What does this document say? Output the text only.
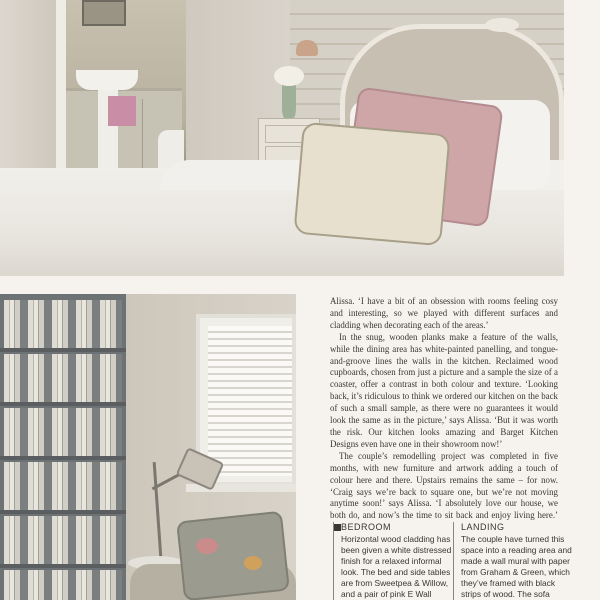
Alissa. ‘I have a bit of an obsession with rooms feeling cosy and interesting, so we played with different surfaces and cladding when decorating each of the areas.’

In the snug, wooden planks make a feature of the walls, while the dining area has white-painted panelling, and tongue-and-groove lines the walls in the kitchen. Reclaimed wood cupboards, chosen from just a picture and a sample the size of a coaster, offer a contrast in both colour and texture. ‘Looking back, it’s ridiculous to think we ordered our kitchen on the back of such a small sample, as there were no guarantees it would look the same as in the picture,’ says Alissa. ‘But it was worth the risk. Our kitchen looks amazing and Barget Kitchen Designs even have one in their showroom now!’

The couple’s remodelling project was completed in five months, with new furniture and artwork adding a touch of colour here and there. Upstairs remains the same – for now. ‘Craig says we’re back to square one, but we’re not moving anytime soon!’ says Alissa. ‘I absolutely love our house, we both do, and now’s the time to sit back and enjoy living here.’

BEDROOM

Horizontal wood cladding has been given a white distressed finish for a relaxed informal look. The bed and side tables are from Sweetpea & Willow, and a pair of pink E Wall

LANDING

The couple have turned this space into a reading area and made a wall mural with paper from Graham & Green, which they’ve framed with black strips of wood. The sofa
